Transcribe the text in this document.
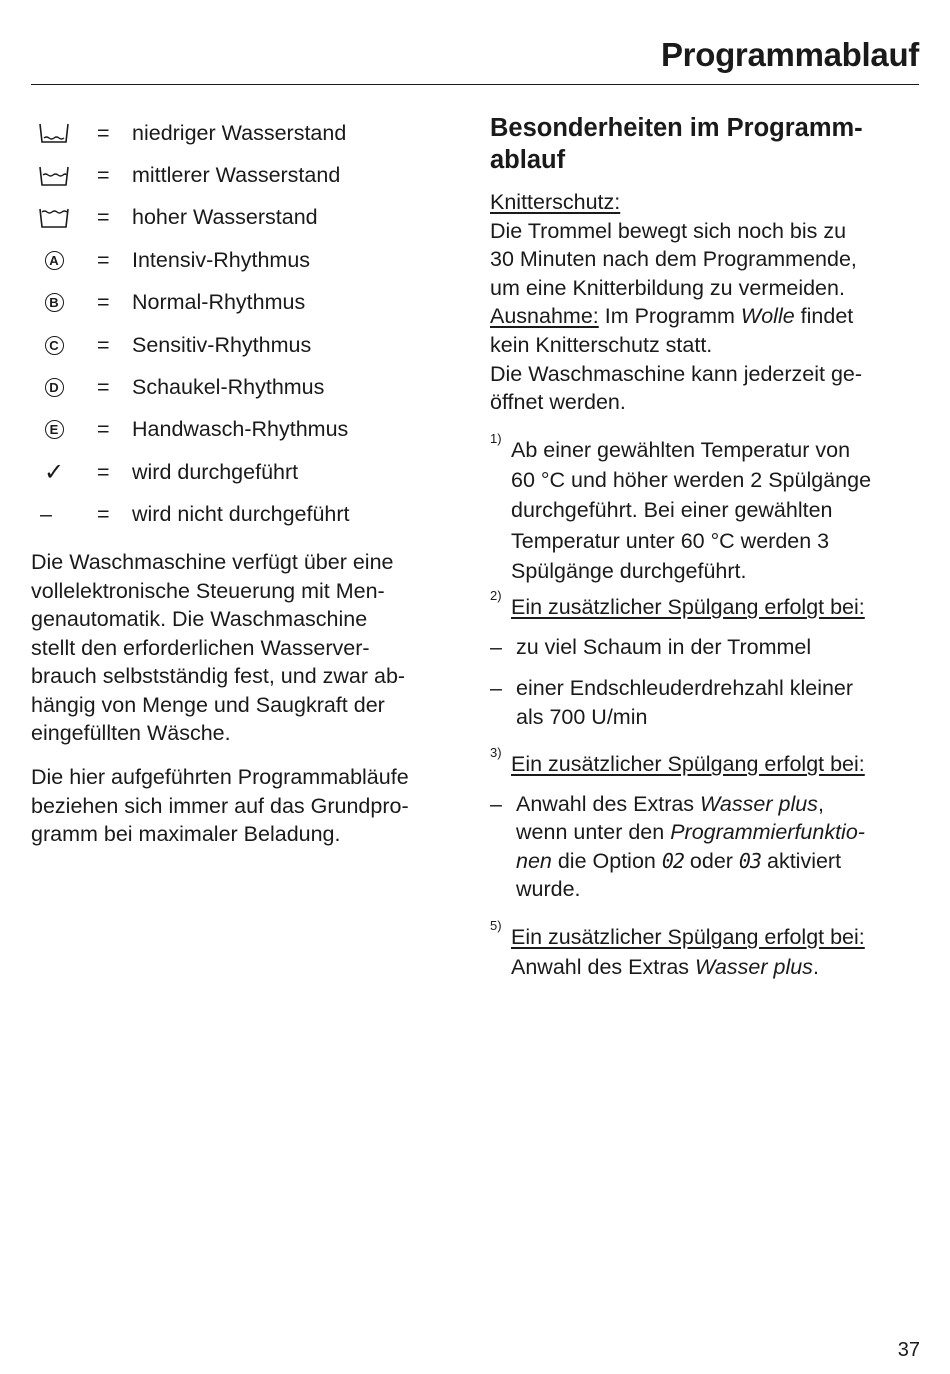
Programmablauf
= niedriger Wasserstand
= mittlerer Wasserstand
= hoher Wasserstand
A = Intensiv-Rhythmus
B = Normal-Rhythmus
C = Sensitiv-Rhythmus
D = Schaukel-Rhythmus
E = Handwasch-Rhythmus
✓ = wird durchgeführt
– = wird nicht durchgeführt
Die Waschmaschine verfügt über eine
vollelektronische Steuerung mit Men-
genautomatik. Die Waschmaschine
stellt den erforderlichen Wasserver-
brauch selbstständig fest, und zwar ab-
hängig von Menge und Saugkraft der
eingefüllten Wäsche.
Die hier aufgeführten Programmabläufe
beziehen sich immer auf das Grundpro-
gramm bei maximaler Beladung.
Besonderheiten im Programm-
ablauf
Knitterschutz:
Die Trommel bewegt sich noch bis zu
30 Minuten nach dem Programmende,
um eine Knitterbildung zu vermeiden.
Ausnahme: Im Programm Wolle findet
kein Knitterschutz statt.
Die Waschmaschine kann jederzeit ge-
öffnet werden.
1) Ab einer gewählten Temperatur von
60 °C und höher werden 2 Spülgänge
durchgeführt. Bei einer gewählten
Temperatur unter 60 °C werden 3
Spülgänge durchgeführt.
2) Ein zusätzlicher Spülgang erfolgt bei:
– zu viel Schaum in der Trommel
– einer Endschleuderdrehzahl kleiner
als 700 U/min
3) Ein zusätzlicher Spülgang erfolgt bei:
– Anwahl des Extras Wasser plus,
wenn unter den Programmierfunktio-
nen die Option 02 oder 03 aktiviert
wurde.
5) Ein zusätzlicher Spülgang erfolgt bei:
Anwahl des Extras Wasser plus.
37
